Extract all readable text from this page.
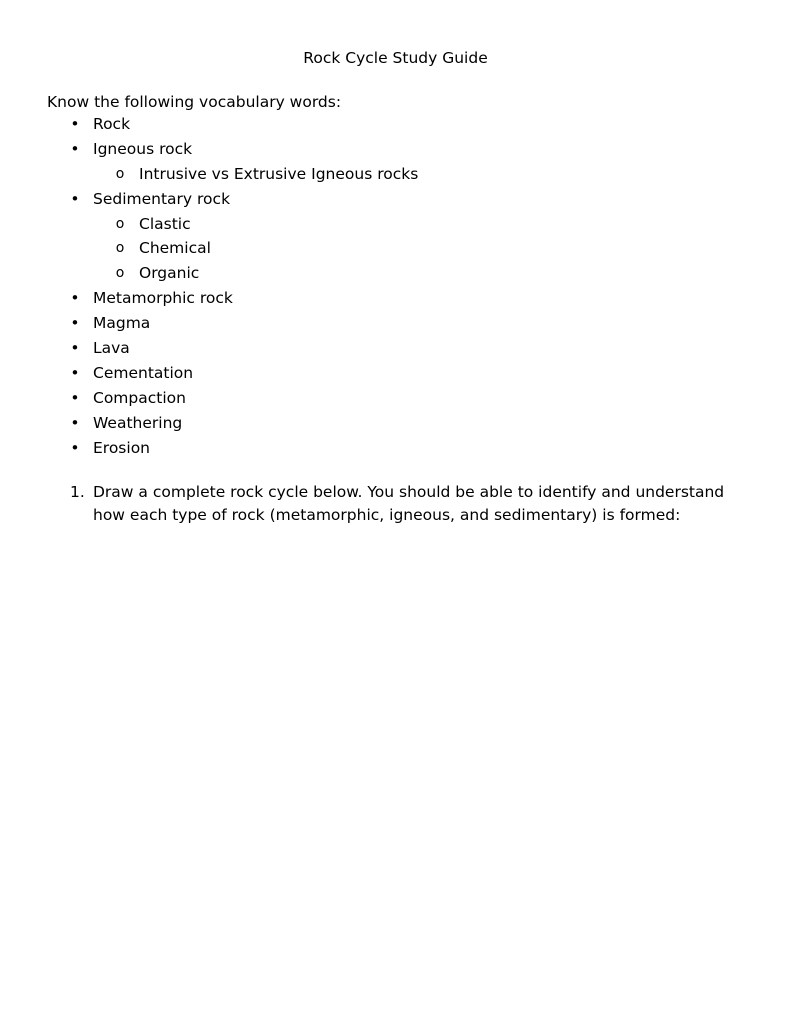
Rock Cycle Study Guide
Know the following vocabulary words:
• Rock
• Igneous rock
o Intrusive vs Extrusive Igneous rocks
• Sedimentary rock
o Clastic
o Chemical
o Organic
• Metamorphic rock
• Magma
• Lava
• Cementation
• Compaction
• Weathering
• Erosion
1. Draw a complete rock cycle below. You should be able to identify and understand how each type of rock (metamorphic, igneous, and sedimentary) is formed:
